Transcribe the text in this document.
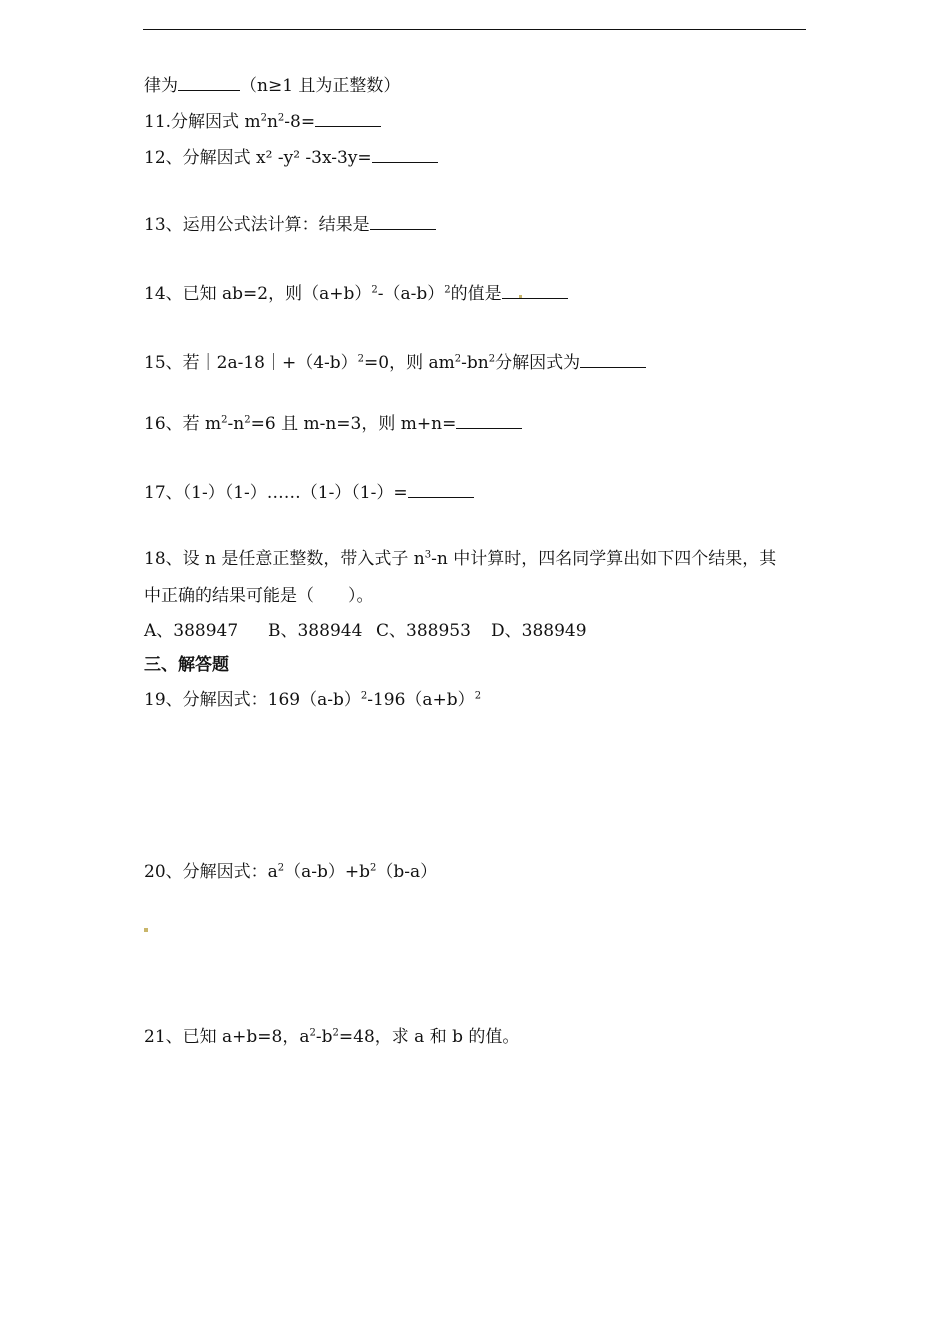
律为	（n≥1 且为正整数）
11.分解因式 $m^2n^2-8=$
12、分解因式 x² -y² -3x-3y=
13、运用公式法计算：结果是
14、已知 ab=2，则$(a+b)^2-(a-b)^2$的值是
15、若$|2a-18|+(4-b)^2=0$，则 $am^2-bn^2$分解因式为
16、若 $m^2-n^2=6$ 且 m-n=3，则 m+n=
17、（1-）（1-）……（1-）（1-）=
18、设 n 是任意正整数，带入式子 $n^3-n$ 中计算时，四名同学算出如下四个结果，其
中正确的结果可能是（　　）。
A、388947 B、388944 C、388953 D、388949
三、解答题
19、分解因式：$169(a-b)^2-196(a+b)^2$
20、分解因式：$a^2(a-b)+b^2(b-a)$
21、已知 a+b=8，$a^2-b^2=48$，求 a 和 b 的值。
